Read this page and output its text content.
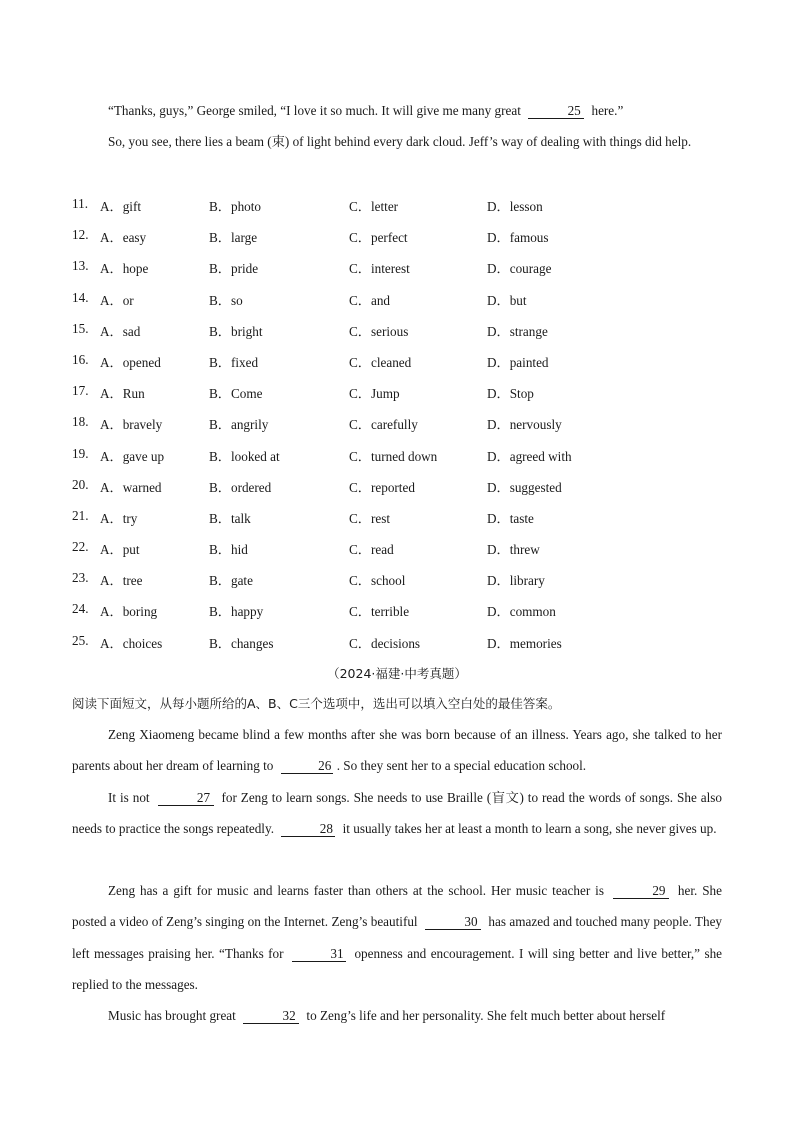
“Thanks, guys,” George smiled, “I love it so much. It will give me many great	25 here.”
So, you see, there lies a beam (束) of light behind every dark cloud. Jeff’s way of dealing with things did help.
11. A．gift	B．photo	C．letter	D．lesson
12. A．easy	B．large	C．perfect	D．famous
13. A．hope	B．pride	C．interest	D．courage
14. A．or	B．so	C．and	D．but
15. A．sad	B．bright	C．serious	D．strange
16. A．opened	B．fixed	C．cleaned	D．painted
17. A．Run	B．Come	C．Jump	D．Stop
18. A．bravely	B．angrily	C．carefully	D．nervously
19. A．gave up	B．looked at	C．turned down	D．agreed with
20. A．warned	B．ordered	C．reported	D．suggested
21. A．try	B．talk	C．rest	D．taste
22. A．put	B．hid	C．read	D．threw
23. A．tree	B．gate	C．school	D．library
24. A．boring	B．happy	C．terrible	D．common
25. A．choices	B．changes	C．decisions	D．memories
（2024·福建·中考真题）
阅读下面短文，从每小题所给的A、B、C三个选项中，选出可以填入空白处的最佳答案。
Zeng Xiaomeng became blind a few months after she was born because of an illness. Years ago, she talked to her parents about her dream of learning to	26 . So they sent her to a special education school.
It is not	27 for Zeng to learn songs. She needs to use Braille (盲文) to read the words of songs. She also needs to practice the songs repeatedly.	28 it usually takes her at least a month to learn a song, she never gives up.
Zeng has a gift for music and learns faster than others at the school. Her music teacher is	29 her. She posted a video of Zeng’s singing on the Internet. Zeng’s beautiful	30 has amazed and touched many people. They left messages praising her. “Thanks for	31 openness and encouragement. I will sing better and live better,” she replied to the messages.
Music has brought great	32 to Zeng’s life and her personality. She felt much better about herself
